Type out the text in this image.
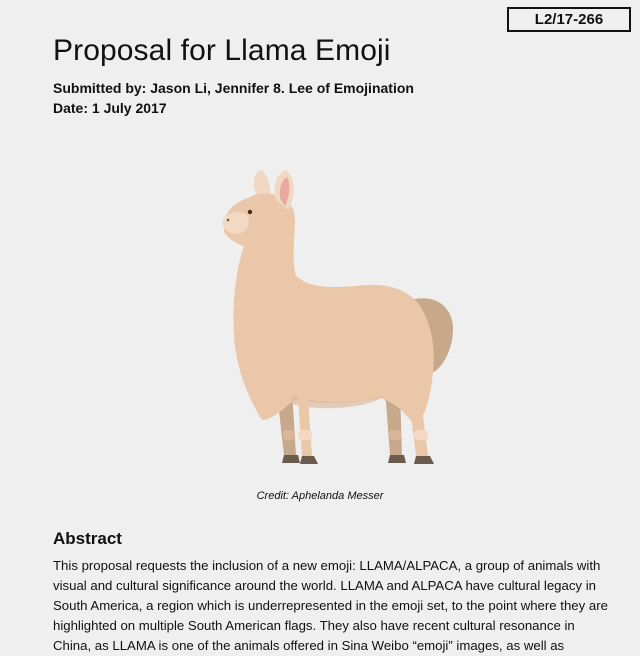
L2/17-266
Proposal for Llama Emoji

Submitted by: Jason Li, Jennifer 8. Lee of Emojination

Date: 1 July 2017

Credit: Aphelanda Messer
Abstract

This proposal requests the inclusion of a new emoji: LLAMA/ALPACA, a group of animals with
visual and cultural significance around the world. LLAMA and ALPACA have cultural legacy in
South America, a region which is underrepresented in the emoji set, to the point where they are
highlighted on multiple South American flags. They also have recent cultural resonance in
China, as LLAMA is one of the animals offered in Sina Weibo “emoji” images, as well as
